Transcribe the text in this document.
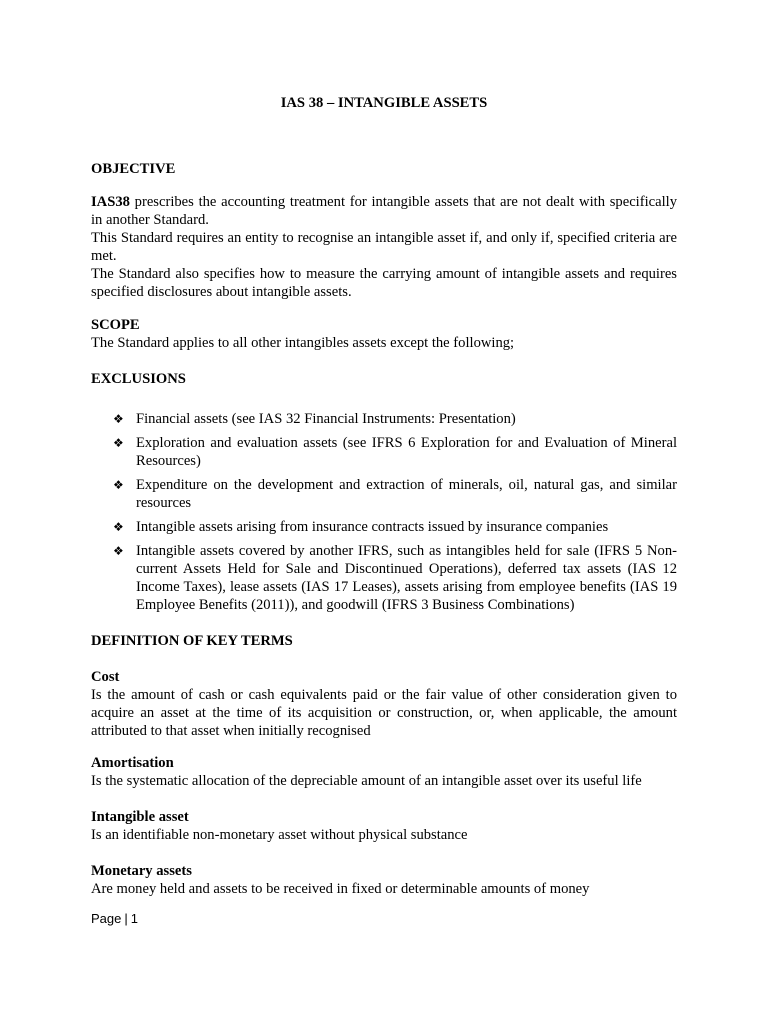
IAS 38 – INTANGIBLE ASSETS
OBJECTIVE

IAS38 prescribes the accounting treatment for intangible assets that are not dealt with specifically in another Standard.

This Standard requires an entity to recognise an intangible asset if, and only if, specified criteria are met.

The Standard also specifies how to measure the carrying amount of intangible assets and requires specified disclosures about intangible assets.

SCOPE
The Standard applies to all other intangibles assets except the following;
EXCLUSIONS
❖ Financial assets (see IAS 32 Financial Instruments: Presentation)
❖ Exploration and evaluation assets (see IFRS 6 Exploration for and Evaluation of Mineral Resources)
❖ Expenditure on the development and extraction of minerals, oil, natural gas, and similar resources
❖ Intangible assets arising from insurance contracts issued by insurance companies
❖ Intangible assets covered by another IFRS, such as intangibles held for sale (IFRS 5 Non-current Assets Held for Sale and Discontinued Operations), deferred tax assets (IAS 12 Income Taxes), lease assets (IAS 17 Leases), assets arising from employee benefits (IAS 19 Employee Benefits (2011)), and goodwill (IFRS 3 Business Combinations)
DEFINITION OF KEY TERMS
Cost
Is the amount of cash or cash equivalents paid or the fair value of other consideration given to acquire an asset at the time of its acquisition or construction, or, when applicable, the amount attributed to that asset when initially recognised
Amortisation
Is the systematic allocation of the depreciable amount of an intangible asset over its useful life
Intangible asset
Is an identifiable non-monetary asset without physical substance
Monetary assets
Are money held and assets to be received in fixed or determinable amounts of money
Page | 1
